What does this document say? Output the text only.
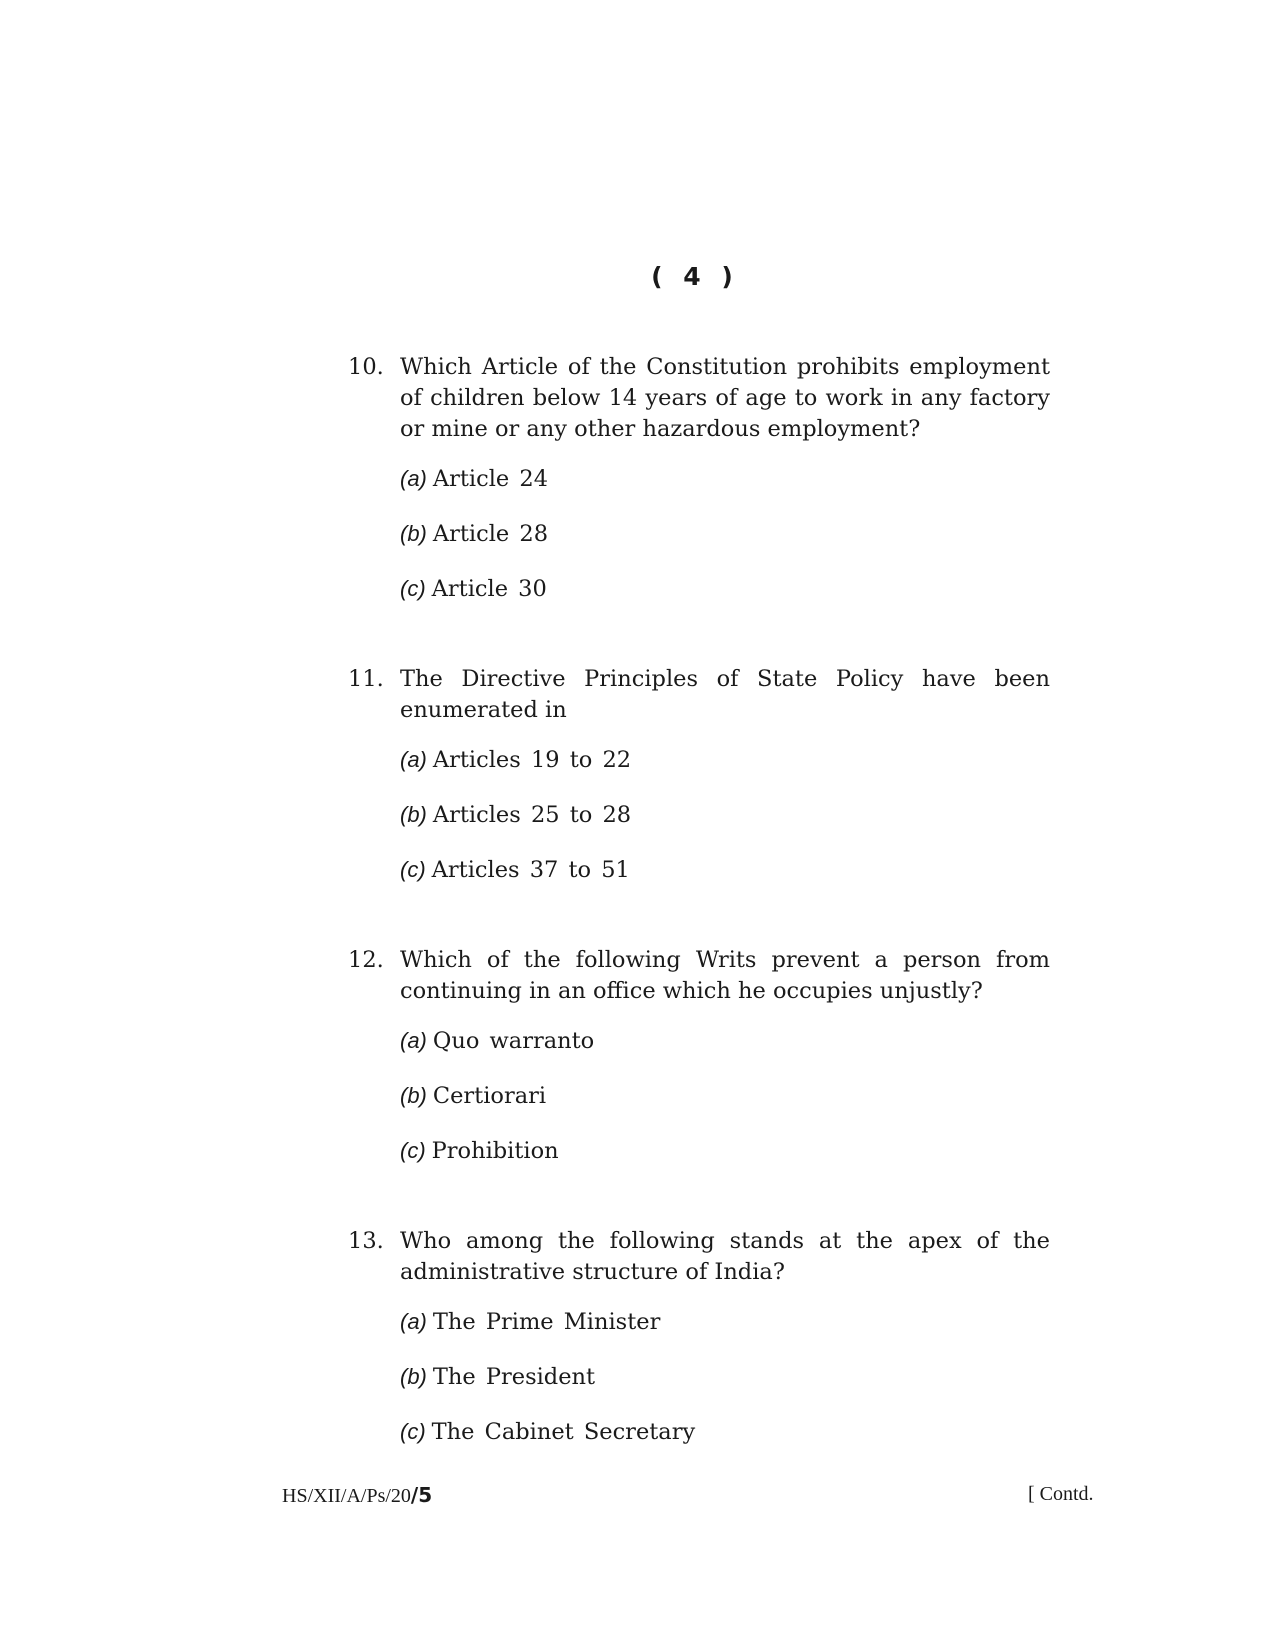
( 4 )
10. Which Article of the Constitution prohibits employment of children below 14 years of age to work in any factory or mine or any other hazardous employment?

(a) Article 24
(b) Article 28
(c) Article 30
11. The Directive Principles of State Policy have been enumerated in

(a) Articles 19 to 22
(b) Articles 25 to 28
(c) Articles 37 to 51
12. Which of the following Writs prevent a person from continuing in an office which he occupies unjustly?

(a) Quo warranto
(b) Certiorari
(c) Prohibition
13. Who among the following stands at the apex of the administrative structure of India?

(a) The Prime Minister
(b) The President
(c) The Cabinet Secretary
HS/XII/A/Ps/20/5	[ Contd.
